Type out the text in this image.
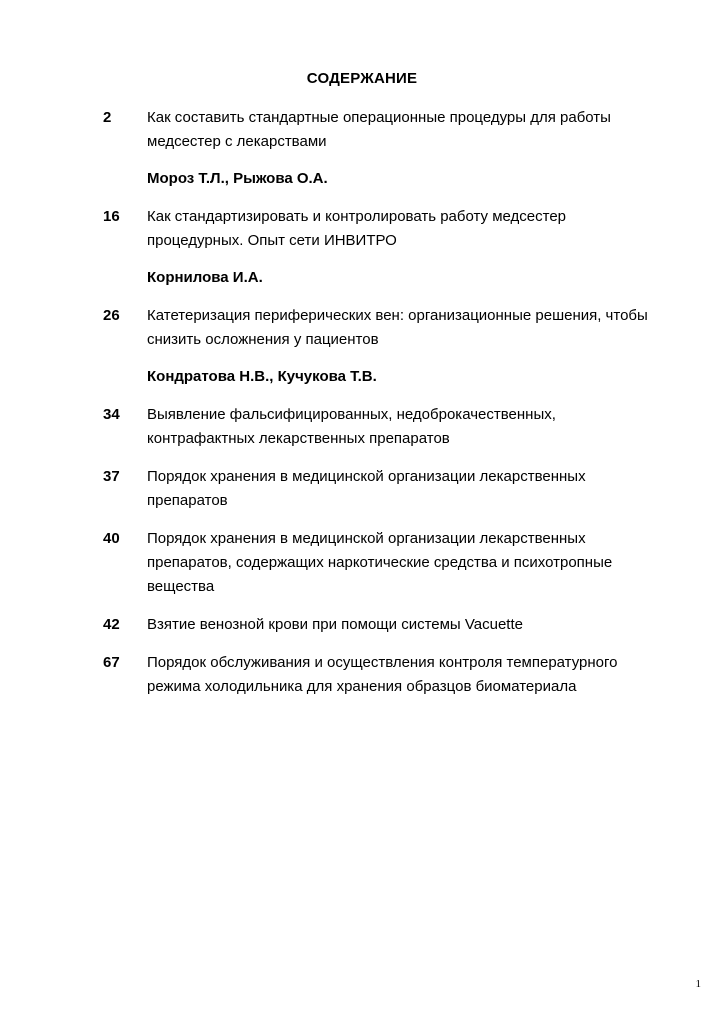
СОДЕРЖАНИЕ
2	Как составить стандартные операционные процедуры для работы
медсестер с лекарствами
Мороз Т.Л., Рыжова О.А.
16	Как стандартизировать и контролировать работу медсестер
процедурных. Опыт сети ИНВИТРО
Корнилова И.А.
26	Катетеризация периферических вен: организационные решения, чтобы
снизить осложнения у пациентов
Кондратова Н.В., Кучукова Т.В.
34	Выявление фальсифицированных, недоброкачественных,
контрафактных лекарственных препаратов
37	Порядок хранения в медицинской организации лекарственных
препаратов
40	Порядок хранения в медицинской организации лекарственных
препаратов, содержащих наркотические средства и психотропные
вещества
42	Взятие венозной крови при помощи системы Vacuette
67	Порядок обслуживания и осуществления контроля температурного
режима холодильника для хранения образцов биоматериала
1
